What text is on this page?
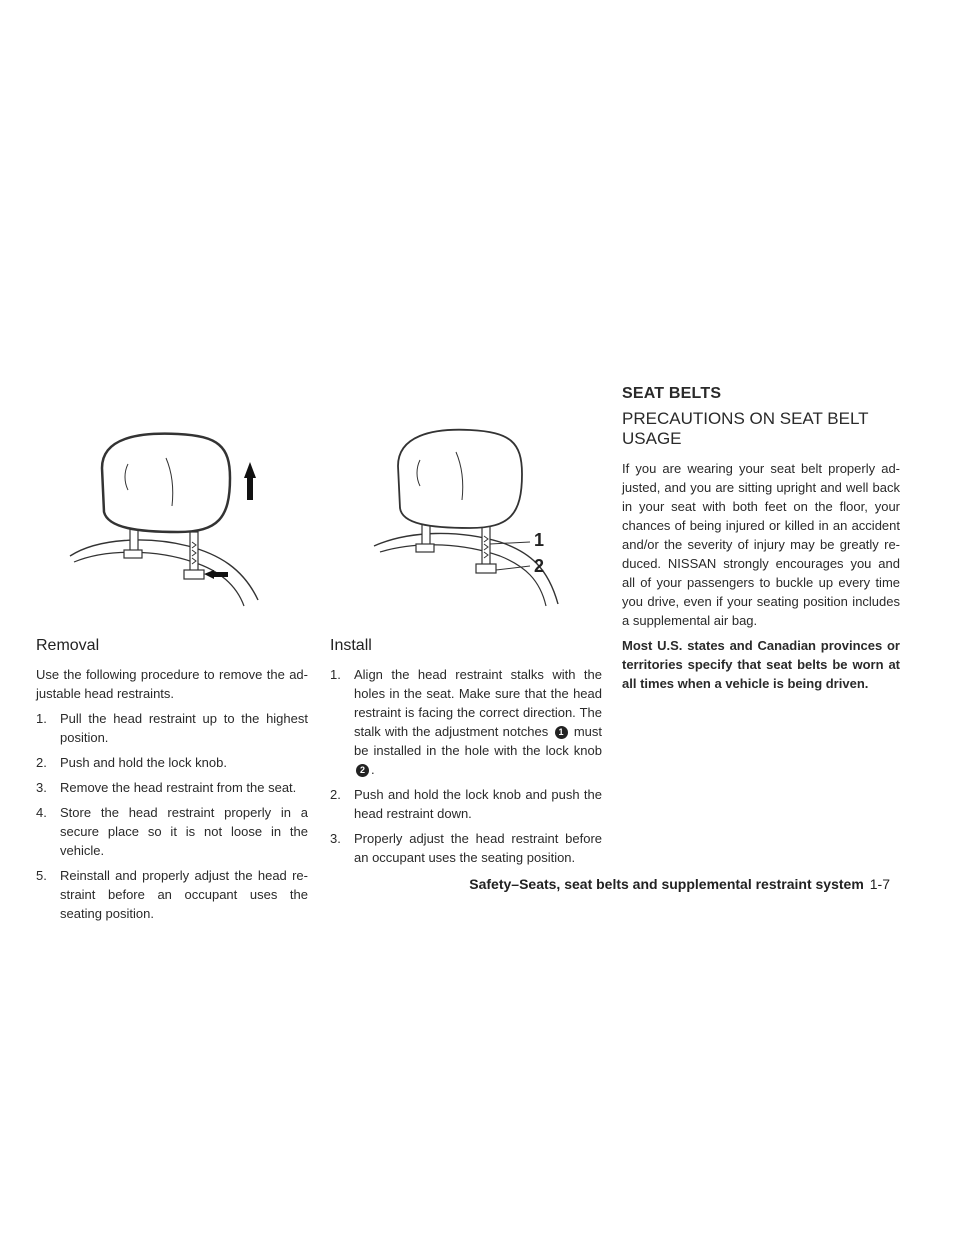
1
2
Removal

Use the following procedure to remove the ad-justable head restraints.

1. Pull the head restraint up to the highest position.
2. Push and hold the lock knob.
3. Remove the head restraint from the seat.
4. Store the head restraint properly in a secure place so it is not loose in the vehicle.
5. Reinstall and properly adjust the head re-straint before an occupant uses the seating position.
Install
1. Align the head restraint stalks with the holes in the seat. Make sure that the head restraint is facing the correct direction. The stalk with the adjustment notches 1 must be installed in the hole with the lock knob 2 .
2. Push and hold the lock knob and push the head restraint down.
3. Properly adjust the head restraint before an occupant uses the seating position.
SEAT BELTS
PRECAUTIONS ON SEAT BELT USAGE

If you are wearing your seat belt properly ad-justed, and you are sitting upright and well back in your seat with both feet on the floor, your chances of being injured or killed in an accident and/or the severity of injury may be greatly re-duced. NISSAN strongly encourages you and all of your passengers to buckle up every time you drive, even if your seating position includes a supplemental air bag.

Most U.S. states and Canadian provinces or territories specify that seat belts be worn at all times when a vehicle is being driven.

Safety–Seats, seat belts and supplemental restraint system 1-7
